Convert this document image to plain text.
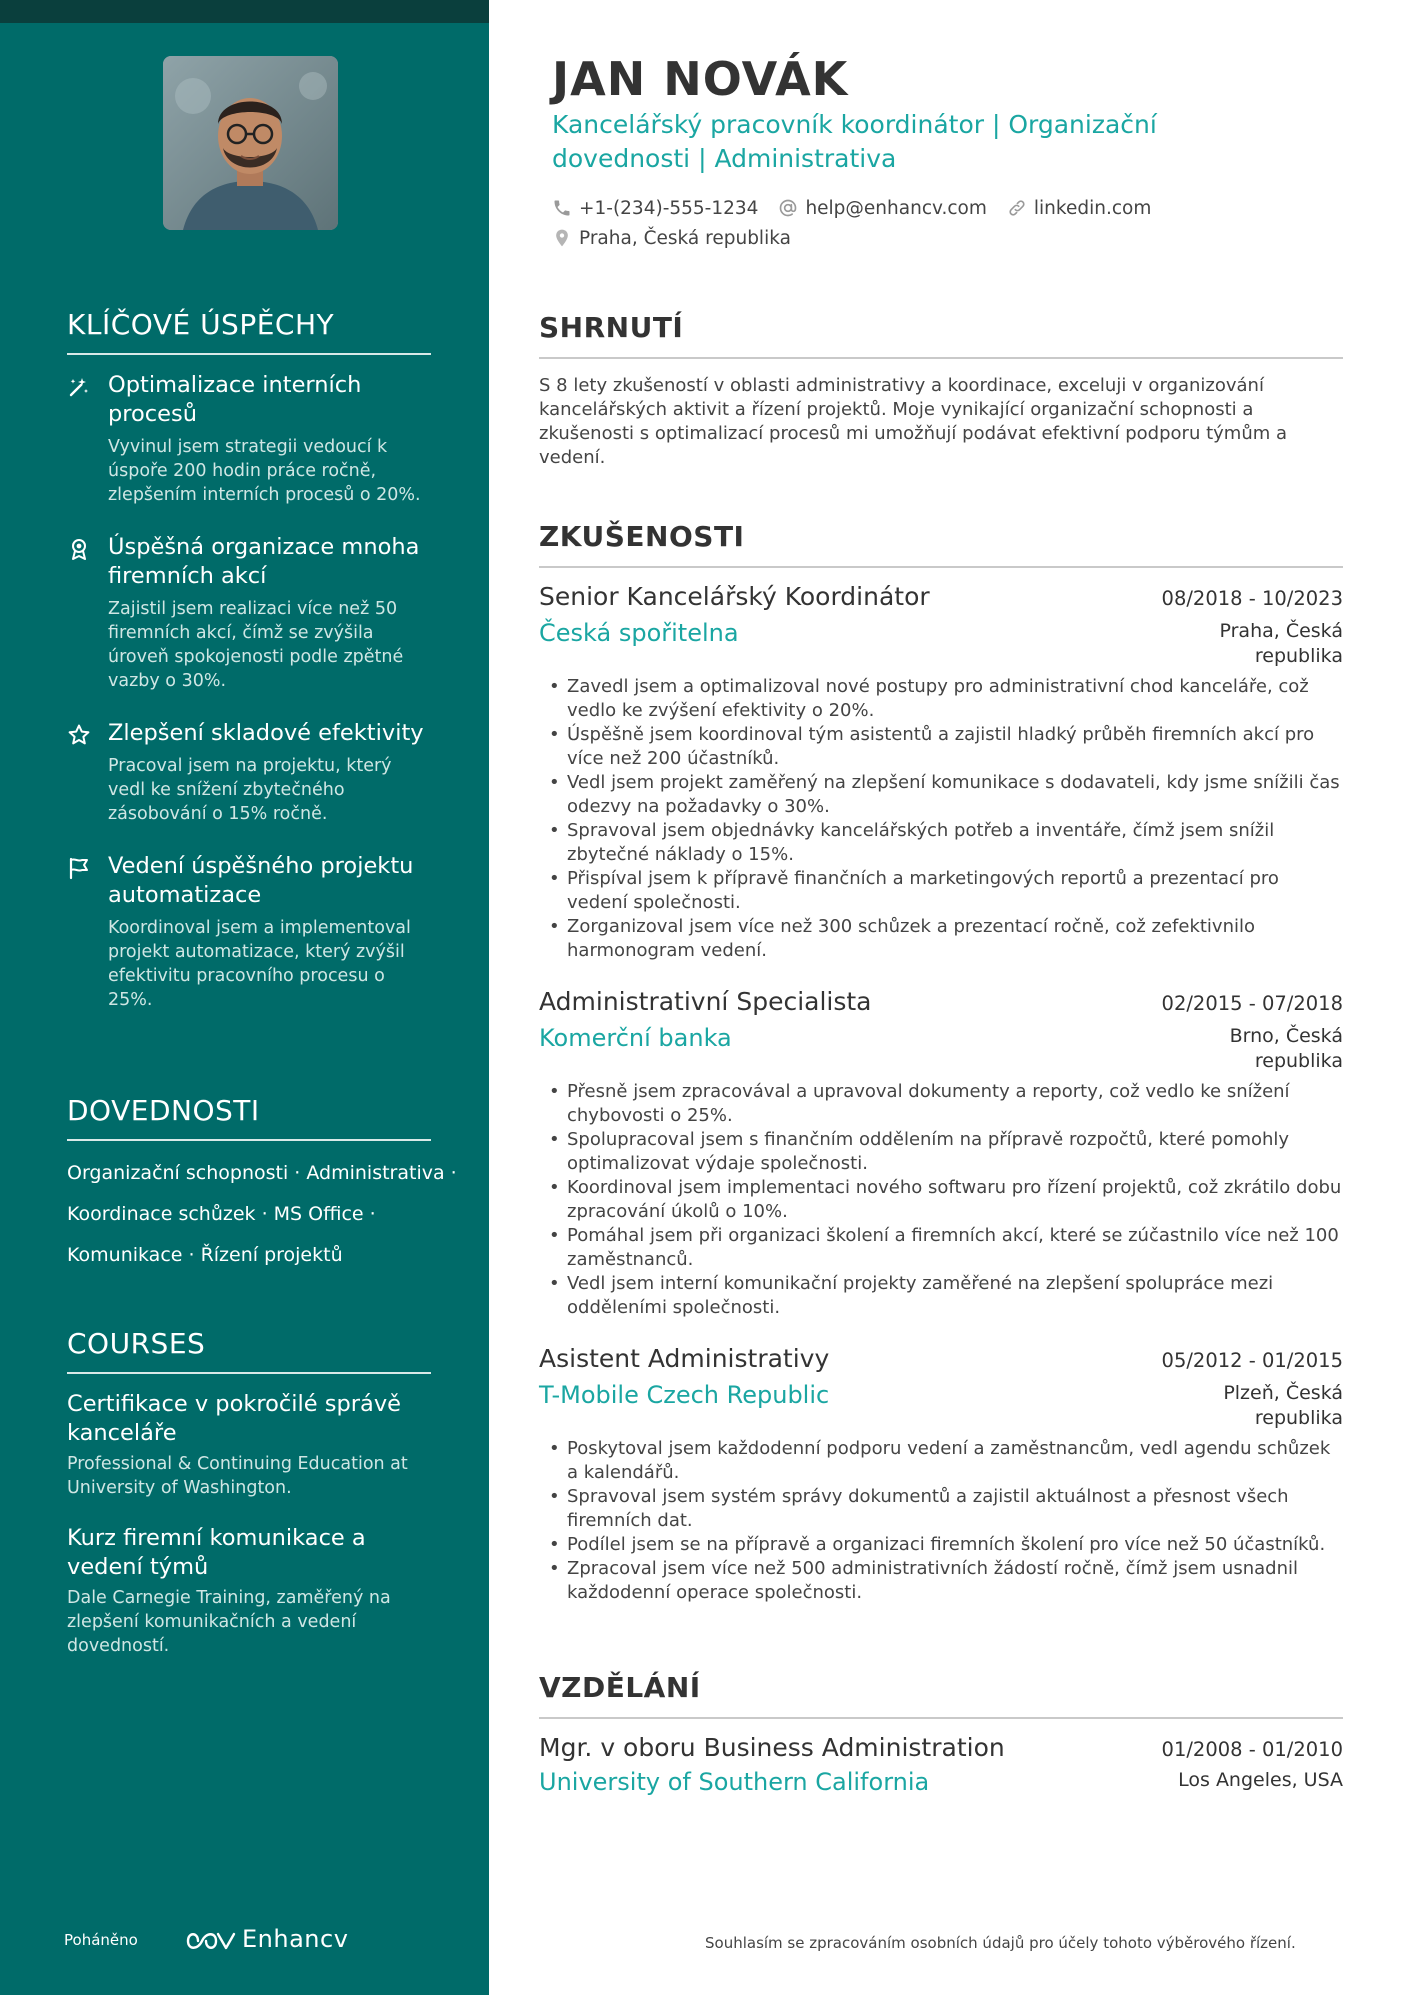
KLÍČOVÉ ÚSPĚCHY
Optimalizace interních procesů
Vyvinul jsem strategii vedoucí k úspoře 200 hodin práce ročně, zlepšením interních procesů o 20%.
Úspěšná organizace mnoha firemních akcí
Zajistil jsem realizaci více než 50 firemních akcí, čímž se zvýšila úroveň spokojenosti podle zpětné vazby o 30%.
Zlepšení skladové efektivity
Pracoval jsem na projektu, který vedl ke snížení zbytečného zásobování o 15% ročně.
Vedení úspěšného projektu automatizace
Koordinoval jsem a implementoval projekt automatizace, který zvýšil efektivitu pracovního procesu o 25%.
DOVEDNOSTI
Organizační schopnosti · Administrativa ·
Koordinace schůzek · MS Office ·
Komunikace · Řízení projektů
COURSES
Certifikace v pokročilé správě kanceláře
Professional & Continuing Education at University of Washington.
Kurz firemní komunikace a vedení týmů
Dale Carnegie Training, zaměřený na zlepšení komunikačních a vedení dovedností.
Poháněno	Enhancv
JAN NOVÁK
Kancelářský pracovník koordinátor | Organizační dovednosti | Administrativa
+1-(234)-555-1234	help@enhancv.com	linkedin.com
Praha, Česká republika
SHRNUTÍ

S 8 lety zkušeností v oblasti administrativy a koordinace, exceluji v organizování kancelářských aktivit a řízení projektů. Moje vynikající organizační schopnosti a zkušenosti s optimalizací procesů mi umožňují podávat efektivní podporu týmům a vedení.

ZKUŠENOSTI
Senior Kancelářský Koordinátor	08/2018 - 10/2023
Česká spořitelna	Praha, Česká republika
• Zavedl jsem a optimalizoval nové postupy pro administrativní chod kanceláře, což vedlo ke zvýšení efektivity o 20%.
• Úspěšně jsem koordinoval tým asistentů a zajistil hladký průběh firemních akcí pro více než 200 účastníků.
• Vedl jsem projekt zaměřený na zlepšení komunikace s dodavateli, kdy jsme snížili čas odezvy na požadavky o 30%.
• Spravoval jsem objednávky kancelářských potřeb a inventáře, čímž jsem snížil zbytečné náklady o 15%.
• Přispíval jsem k přípravě finančních a marketingových reportů a prezentací pro vedení společnosti.
• Zorganizoval jsem více než 300 schůzek a prezentací ročně, což zefektivnilo harmonogram vedení.
Administrativní Specialista	02/2015 - 07/2018
Komerční banka	Brno, Česká republika
• Přesně jsem zpracovával a upravoval dokumenty a reporty, což vedlo ke snížení chybovosti o 25%.
• Spolupracoval jsem s finančním oddělením na přípravě rozpočtů, které pomohly optimalizovat výdaje společnosti.
• Koordinoval jsem implementaci nového softwaru pro řízení projektů, což zkrátilo dobu zpracování úkolů o 10%.
• Pomáhal jsem při organizaci školení a firemních akcí, které se zúčastnilo více než 100 zaměstnanců.
• Vedl jsem interní komunikační projekty zaměřené na zlepšení spolupráce mezi odděleními společnosti.
Asistent Administrativy	05/2012 - 01/2015
T-Mobile Czech Republic	Plzeň, Česká republika
• Poskytoval jsem každodenní podporu vedení a zaměstnancům, vedl agendu schůzek a kalendářů.
• Spravoval jsem systém správy dokumentů a zajistil aktuálnost a přesnost všech firemních dat.
• Podílel jsem se na přípravě a organizaci firemních školení pro více než 50 účastníků.
• Zpracoval jsem více než 500 administrativních žádostí ročně, čímž jsem usnadnil každodenní operace společnosti.
VZDĚLÁNÍ
Mgr. v oboru Business Administration	01/2008 - 01/2010
University of Southern California	Los Angeles, USA
Souhlasím se zpracováním osobních údajů pro účely tohoto výběrového řízení.
